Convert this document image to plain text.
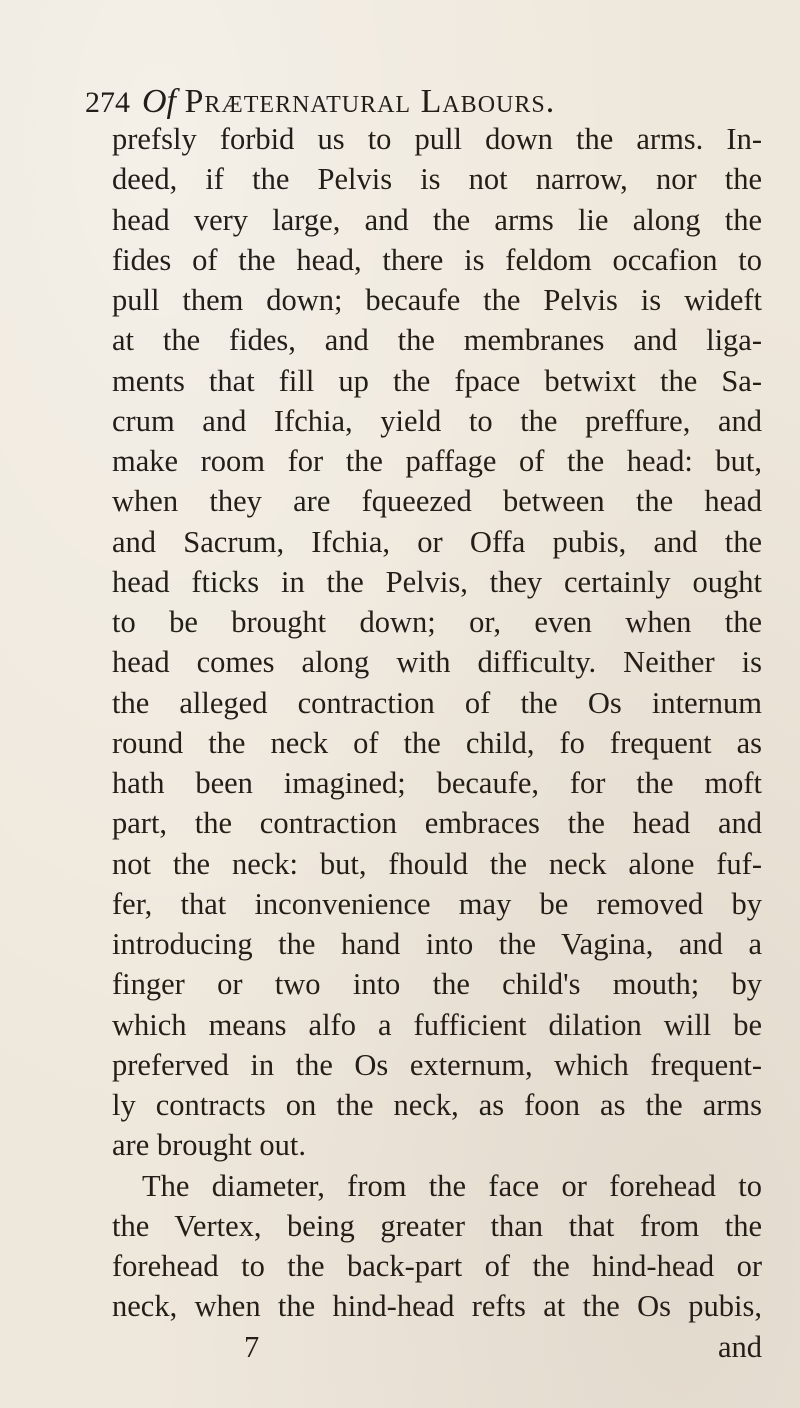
274 Of Præternatural Labours.
prefsly forbid us to pull down the arms. In-
deed, if the Pelvis is not narrow, nor the
head very large, and the arms lie along the
fides of the head, there is feldom occafion to
pull them down; becaufe the Pelvis is wideft
at the fides, and the membranes and liga-
ments that fill up the fpace betwixt the Sa-
crum and Ifchia, yield to the preffure, and
make room for the paffage of the head: but,
when they are fqueezed between the head
and Sacrum, Ifchia, or Offa pubis, and the
head fticks in the Pelvis, they certainly ought
to be brought down; or, even when the
head comes along with difficulty. Neither is
the alleged contraction of the Os internum
round the neck of the child, fo frequent as
hath been imagined; becaufe, for the moft
part, the contraction embraces the head and
not the neck: but, fhould the neck alone fuf-
fer, that inconvenience may be removed by
introducing the hand into the Vagina, and a
finger or two into the child's mouth; by
which means alfo a fufficient dilation will be
preferved in the Os externum, which frequent-
ly contracts on the neck, as foon as the arms
are brought out.
The diameter, from the face or forehead to
the Vertex, being greater than that from the
forehead to the back-part of the hind-head or
neck, when the hind-head refts at the Os pubis,
7	and
